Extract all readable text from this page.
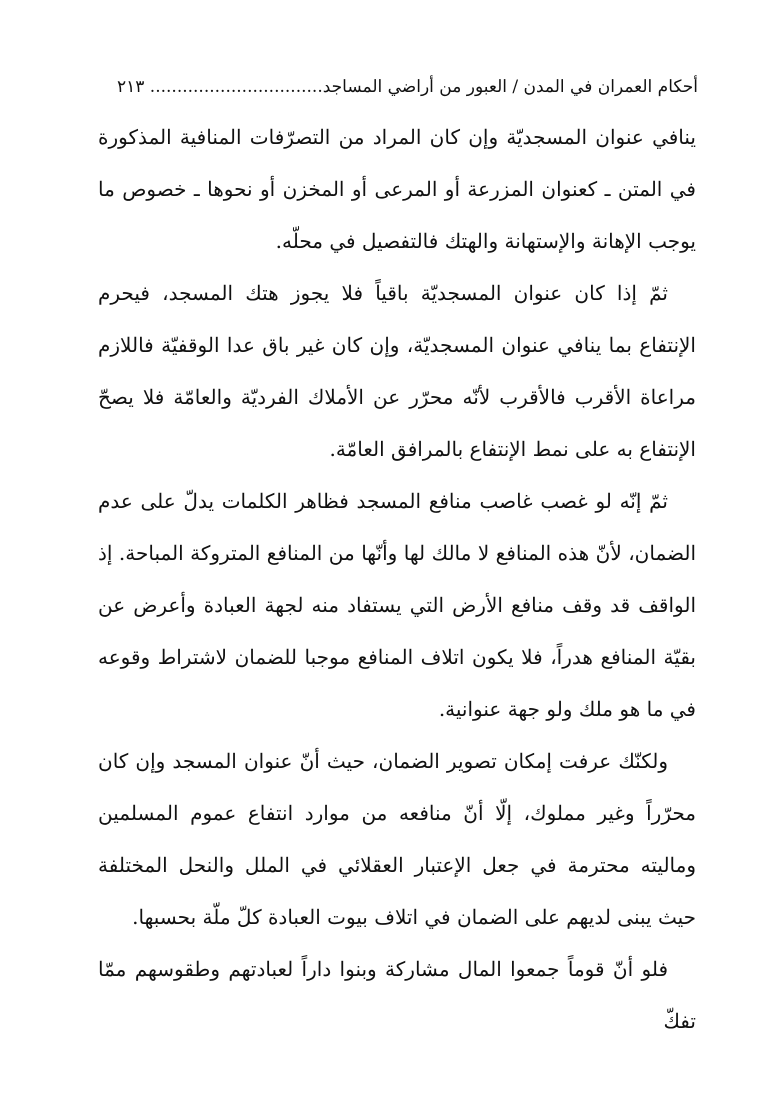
أحكام العمران في المدن / العبور من أراضي المساجد................................ ٢١٣

ينافي عنوان المسجديّة وإن كان المراد من التصرّفات المنافية المذكورة في المتن ـ كعنوان المزرعة أو المرعى أو المخزن أو نحوها ـ خصوص ما يوجب الإهانة والإستهانة والهتك فالتفصيل في محلّه.

ثمّ إذا كان عنوان المسجديّة باقياً فلا يجوز هتك المسجد، فيحرم الإنتفاع بما ينافي عنوان المسجديّة، وإن كان غير باق عدا الوقفيّة فاللازم مراعاة الأقرب فالأقرب لأنّه محرّر عن الأملاك الفرديّة والعامّة فلا يصحّ الإنتفاع به على نمط الإنتفاع بالمرافق العامّة.

ثمّ إنّه لو غصب غاصب منافع المسجد فظاهر الكلمات يدلّ على عدم الضمان، لأنّ هذه المنافع لا مالك لها وأنّها من المنافع المتروكة المباحة. إذ الواقف قد وقف منافع الأرض التي يستفاد منه لجهة العبادة وأعرض عن بقيّة المنافع هدراً، فلا يكون اتلاف المنافع موجبا للضمان لاشتراط وقوعه في ما هو ملك ولو جهة عنوانية.

ولكنّك عرفت إمكان تصوير الضمان، حيث أنّ عنوان المسجد وإن كان محرّراً وغير مملوك، إلّا أنّ منافعه من موارد انتفاع عموم المسلمين وماليته محترمة في جعل الإعتبار العقلائي في الملل والنحل المختلفة حيث يبنى لديهم على الضمان في اتلاف بيوت العبادة كلّ ملّة بحسبها.

فلو أنّ قوماً جمعوا المال مشاركة وبنوا داراً لعبادتهم وطقوسهم ممّا تفكّ
